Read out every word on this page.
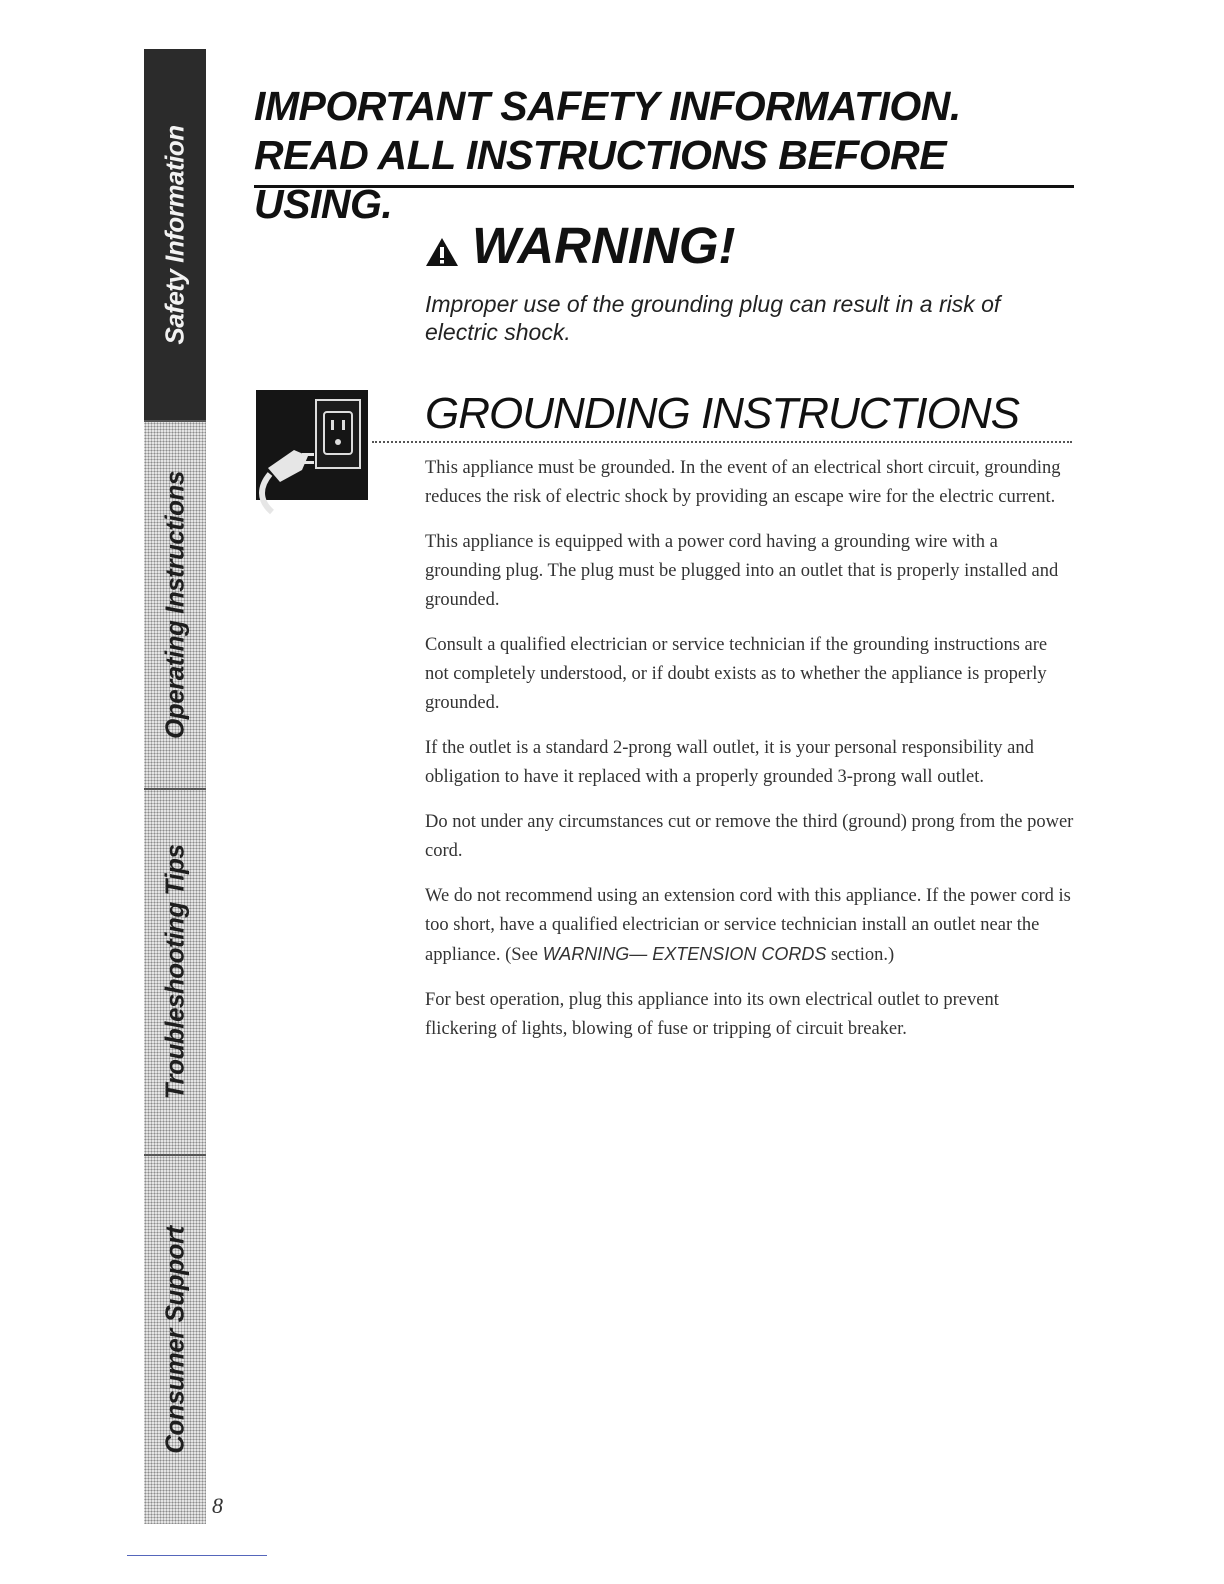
Safety Information
Operating Instructions
Troubleshooting Tips
Consumer Support
IMPORTANT SAFETY INFORMATION.
READ ALL INSTRUCTIONS BEFORE USING.
WARNING!

Improper use of the grounding plug can result in a risk of electric shock.

GROUNDING INSTRUCTIONS

This appliance must be grounded. In the event of an electrical short circuit, grounding reduces the risk of electric shock by providing an escape wire for the electric current.

This appliance is equipped with a power cord having a grounding wire with a grounding plug. The plug must be plugged into an outlet that is properly installed and grounded.

Consult a qualified electrician or service technician if the grounding instructions are not completely understood, or if doubt exists as to whether the appliance is properly grounded.

If the outlet is a standard 2-prong wall outlet, it is your personal responsibility and obligation to have it replaced with a properly grounded 3-prong wall outlet.

Do not under any circumstances cut or remove the third (ground) prong from the power cord.

We do not recommend using an extension cord with this appliance. If the power cord is too short, have a qualified electrician or service technician install an outlet near the appliance. (See WARNING— EXTENSION CORDS section.)

For best operation, plug this appliance into its own electrical outlet to prevent flickering of lights, blowing of fuse or tripping of circuit breaker.

8
